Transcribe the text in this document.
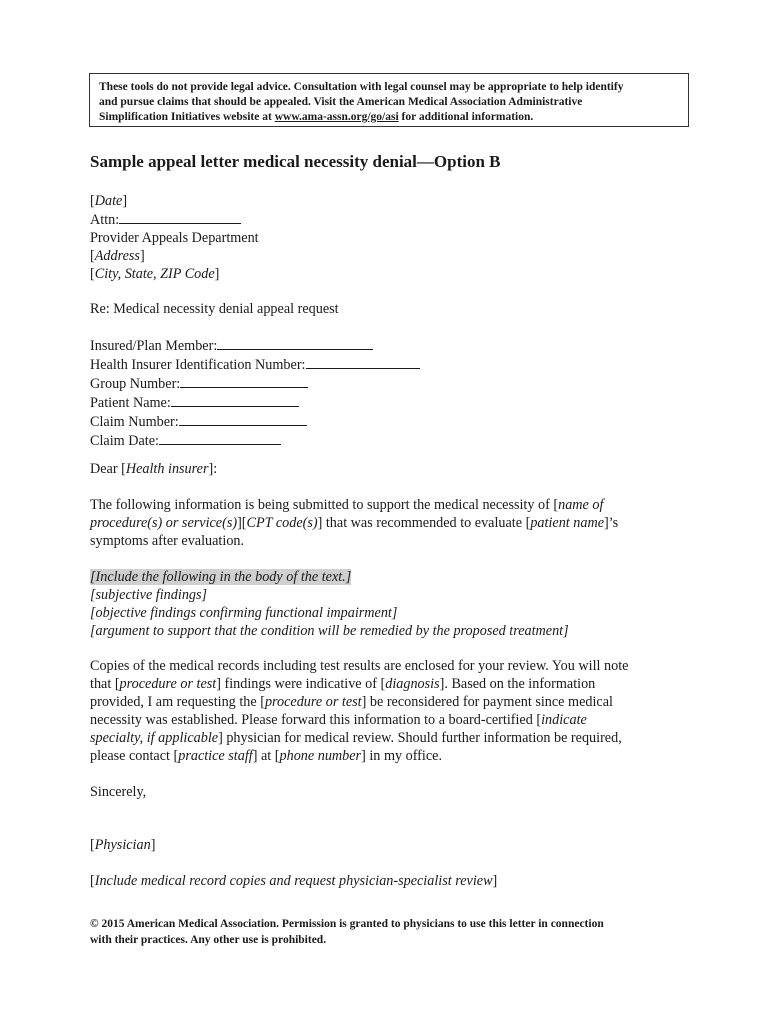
These tools do not provide legal advice. Consultation with legal counsel may be appropriate to help identify
and pursue claims that should be appealed. Visit the American Medical Association Administrative
Simplification Initiatives website at www.ama-assn.org/go/asi for additional information.
Sample appeal letter medical necessity denial—Option B
[Date]
Attn:
Provider Appeals Department
[Address]
[City, State, ZIP Code]
Re: Medical necessity denial appeal request
Insured/Plan Member:
Health Insurer Identification Number:
Group Number:
Patient Name:
Claim Number:
Claim Date:
Dear [Health insurer]:
The following information is being submitted to support the medical necessity of [name of
procedure(s) or service(s)][CPT code(s)] that was recommended to evaluate [patient name]’s
symptoms after evaluation.
[Include the following in the body of the text.]
[subjective findings]
[objective findings confirming functional impairment]
[argument to support that the condition will be remedied by the proposed treatment]
Copies of the medical records including test results are enclosed for your review. You will note
that [procedure or test] findings were indicative of [diagnosis]. Based on the information
provided, I am requesting the [procedure or test] be reconsidered for payment since medical
necessity was established. Please forward this information to a board-certified [indicate
specialty, if applicable] physician for medical review. Should further information be required,
please contact [practice staff] at [phone number] in my office.
Sincerely,
[Physician]
[Include medical record copies and request physician-specialist review]
© 2015 American Medical Association. Permission is granted to physicians to use this letter in connection
with their practices. Any other use is prohibited.
